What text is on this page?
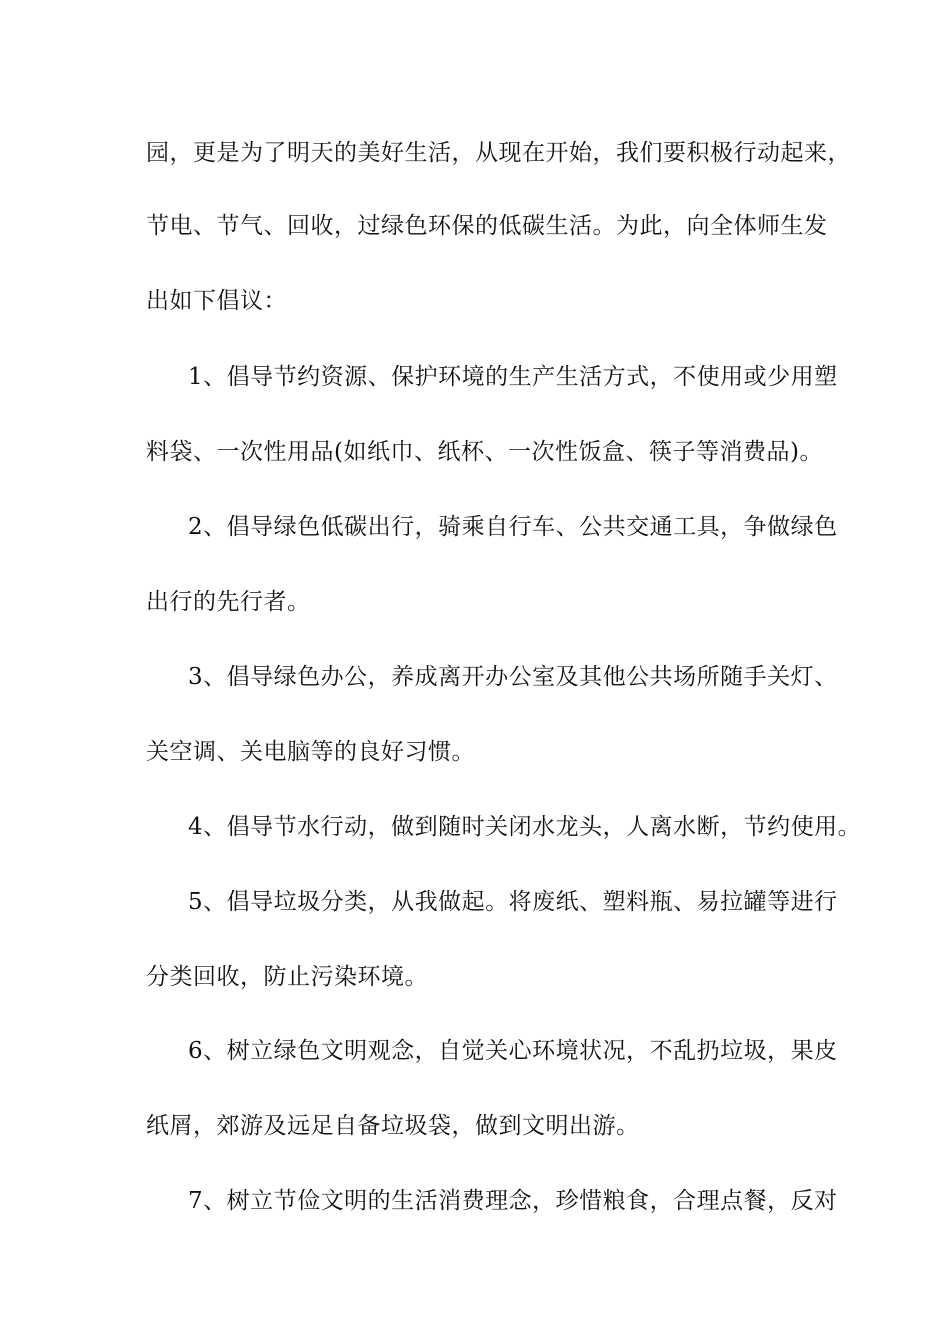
园，更是为了明天的美好生活，从现在开始，我们要积极行动起来，
节电、节气、回收，过绿色环保的低碳生活。为此，向全体师生发
出如下倡议：
1、倡导节约资源、保护环境的生产生活方式，不使用或少用塑
料袋、一次性用品(如纸巾、纸杯、一次性饭盒、筷子等消费品)。
2、倡导绿色低碳出行，骑乘自行车、公共交通工具，争做绿色
出行的先行者。
3、倡导绿色办公，养成离开办公室及其他公共场所随手关灯、
关空调、关电脑等的良好习惯。
4、倡导节水行动，做到随时关闭水龙头，人离水断，节约使用。
5、倡导垃圾分类，从我做起。将废纸、塑料瓶、易拉罐等进行
分类回收，防止污染环境。
6、树立绿色文明观念，自觉关心环境状况，不乱扔垃圾，果皮
纸屑，郊游及远足自备垃圾袋，做到文明出游。
7、树立节俭文明的生活消费理念，珍惜粮食，合理点餐，反对
